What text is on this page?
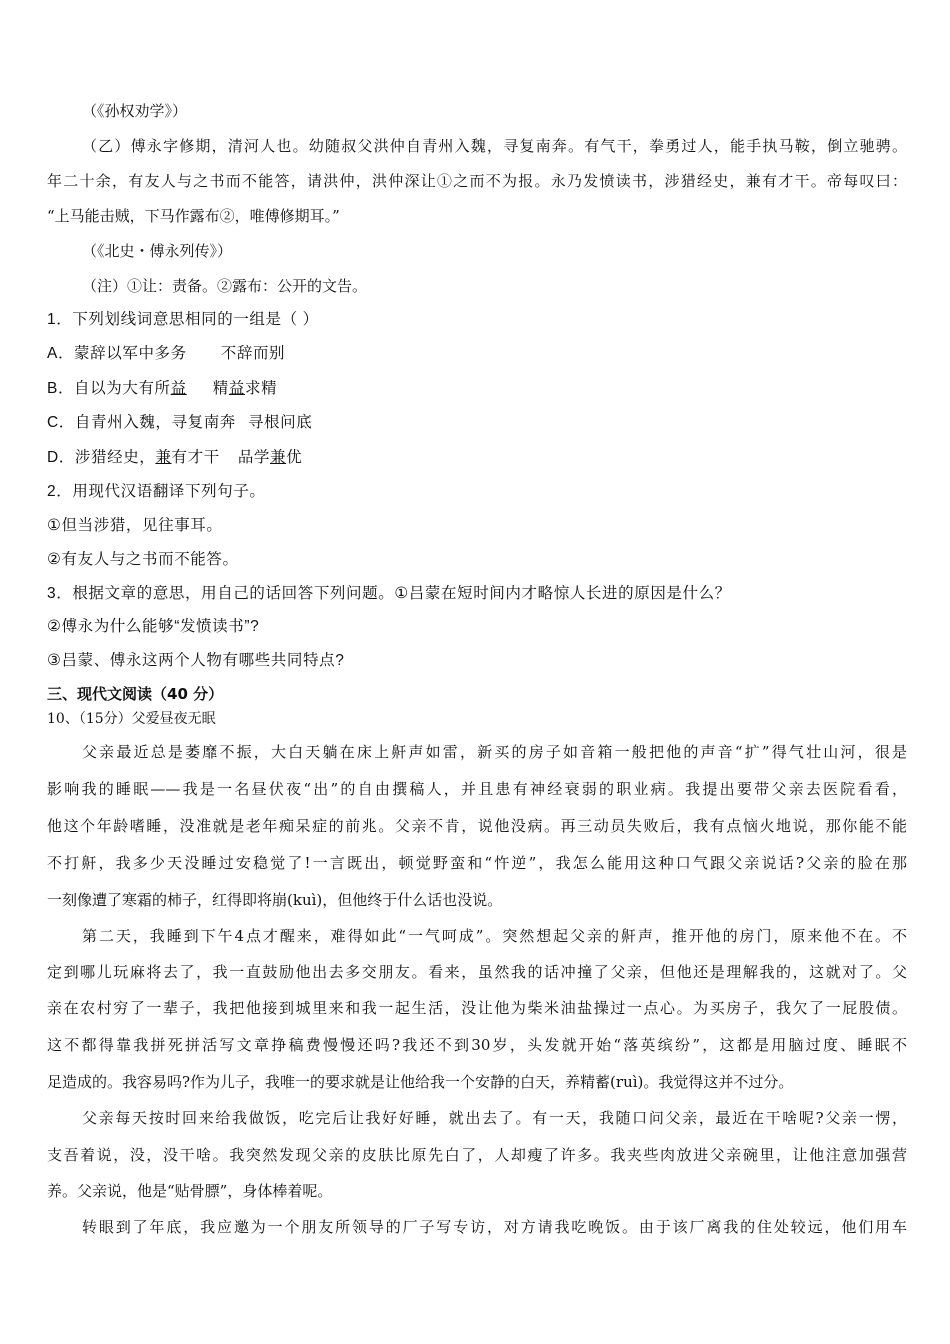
（《孙权劝学》）
（乙）傅永字修期，清河人也。幼随叔父洪仲自青州入魏，寻复南奔。有气干，拳勇过人，能手执马鞍，倒立驰骋。
年二十余，有友人与之书而不能答，请洪仲，洪仲深让①之而不为报。永乃发愤读书，涉猎经史，兼有才干。帝每叹曰：
“上马能击贼，下马作露布②，唯傅修期耳。”
（《北史・傅永列传》）
（注）①让：责备。②露布：公开的文告。
1．下列划线词意思相同的一组是（ ）
A．蒙辞以军中多务 不辞而别
B．自以为大有所益 精益求精
C．自青州入魏，寻复南奔 寻根问底
D．涉猎经史，兼有才干 品学兼优
2．用现代汉语翻译下列句子。
①但当涉猎，见往事耳。
②有友人与之书而不能答。
3．根据文章的意思，用自己的话回答下列问题。①吕蒙在短时间内才略惊人长进的原因是什么？
②傅永为什么能够“发愤读书”?
③吕蒙、傅永这两个人物有哪些共同特点?
三、现代文阅读（40 分）
10、（15分）父爱昼夜无眠
父亲最近总是萎靡不振，大白天躺在床上鼾声如雷，新买的房子如音箱一般把他的声音“扩”得气壮山河，很是
影响我的睡眠——我是一名昼伏夜“出”的自由撰稿人，并且患有神经衰弱的职业病。我提出要带父亲去医院看看，
他这个年龄嗜睡，没准就是老年痴呆症的前兆。父亲不肯，说他没病。再三动员失败后，我有点恼火地说，那你能不能
不打鼾，我多少天没睡过安稳觉了!一言既出，顿觉野蛮和“忤逆”，我怎么能用这种口气跟父亲说话?父亲的脸在那
一刻像遭了寒霜的柿子，红得即将崩(kuì)，但他终于什么话也没说。
第二天，我睡到下午4点才醒来，难得如此“一气呵成”。突然想起父亲的鼾声，推开他的房门，原来他不在。不
定到哪儿玩麻将去了，我一直鼓励他出去多交朋友。看来，虽然我的话冲撞了父亲，但他还是理解我的，这就对了。父
亲在农村穷了一辈子，我把他接到城里来和我一起生活，没让他为柴米油盐操过一点心。为买房子，我欠了一屁股债。
这不都得靠我拼死拼活写文章挣稿费慢慢还吗?我还不到30岁，头发就开始“落英缤纷”，这都是用脑过度、睡眠不
足造成的。我容易吗?作为儿子，我唯一的要求就是让他给我一个安静的白天，养精蓄(ruì)。我觉得这并不过分。
父亲每天按时回来给我做饭，吃完后让我好好睡，就出去了。有一天，我随口问父亲，最近在干啥呢?父亲一愣，
支吾着说，没，没干啥。我突然发现父亲的皮肤比原先白了，人却瘦了许多。我夹些肉放进父亲碗里，让他注意加强营
养。父亲说，他是“贴骨膘”，身体棒着呢。
转眼到了年底，我应邀为一个朋友所领导的厂子写专访，对方请我吃晚饭。由于该厂离我的住处较远，他们用车
